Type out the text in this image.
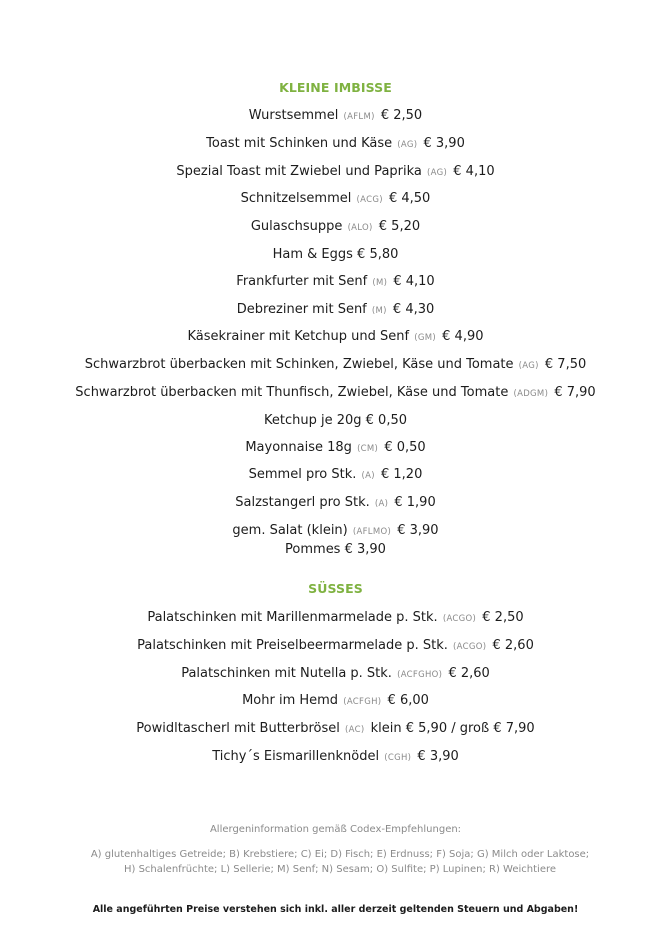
KLEINE IMBISSE
Wurstsemmel (AFLM) € 2,50
Toast mit Schinken und Käse (AG) € 3,90
Spezial Toast mit Zwiebel und Paprika (AG) € 4,10
Schnitzelsemmel (ACG) € 4,50
Gulaschsuppe (ALO) € 5,20
Ham & Eggs € 5,80
Frankfurter mit Senf (M) € 4,10
Debreziner mit Senf (M) € 4,30
Käsekrainer mit Ketchup und Senf (GM) € 4,90
Schwarzbrot überbacken mit Schinken, Zwiebel, Käse und Tomate (AG) € 7,50
Schwarzbrot überbacken mit Thunfisch, Zwiebel, Käse und Tomate (ADGM) € 7,90
Ketchup je 20g € 0,50
Mayonnaise 18g (CM) € 0,50
Semmel pro Stk. (A) € 1,20
Salzstangerl pro Stk. (A) € 1,90
gem. Salat (klein) (AFLMO) € 3,90
Pommes € 3,90
SÜSSES
Palatschinken mit Marillenmarmelade p. Stk. (ACGO) € 2,50
Palatschinken mit Preiselbeermarmelade p. Stk. (ACGO) € 2,60
Palatschinken mit Nutella p. Stk. (ACFGHO) € 2,60
Mohr im Hemd (ACFGH) € 6,00
Powidltascherl mit Butterbrösel (AC) klein € 5,90 / groß € 7,90
Tichy´s Eismarillenknödel (CGH) € 3,90
Allergeninformation gemäß Codex-Empfehlungen:
A) glutenhaltiges Getreide; B) Krebstiere; C) Ei; D) Fisch; E) Erdnuss; F) Soja; G) Milch oder Laktose; H) Schalenfrüchte; L) Sellerie; M) Senf; N) Sesam; O) Sulfite; P) Lupinen; R) Weichtiere
Alle angeführten Preise verstehen sich inkl. aller derzeit geltenden Steuern und Abgaben!
